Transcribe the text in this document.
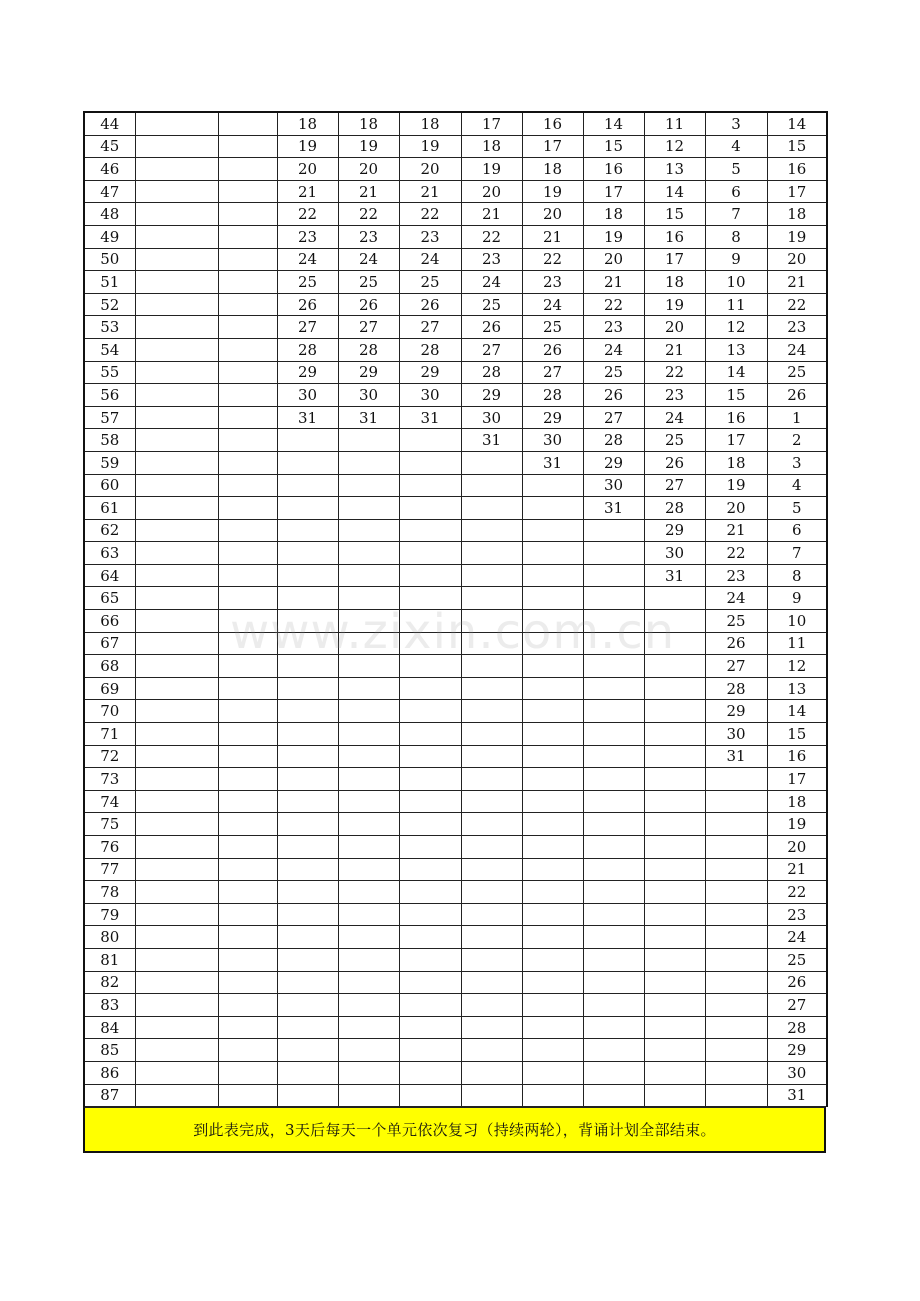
44			18	18	18	17	16	14	11	3	14
45			19	19	19	18	17	15	12	4	15
46			20	20	20	19	18	16	13	5	16
47			21	21	21	20	19	17	14	6	17
48			22	22	22	21	20	18	15	7	18
49			23	23	23	22	21	19	16	8	19
50			24	24	24	23	22	20	17	9	20
51			25	25	25	24	23	21	18	10	21
52			26	26	26	25	24	22	19	11	22
53			27	27	27	26	25	23	20	12	23
54			28	28	28	27	26	24	21	13	24
55			29	29	29	28	27	25	22	14	25
56			30	30	30	29	28	26	23	15	26
57			31	31	31	30	29	27	24	16	1
58						31	30	28	25	17	2
59							31	29	26	18	3
60								30	27	19	4
61								31	28	20	5
62									29	21	6
63									30	22	7
64									31	23	8
65										24	9
66										25	10
67										26	11
68										27	12
69										28	13
70										29	14
71										30	15
72										31	16
73											17
74											18
75											19
76											20
77											21
78											22
79											23
80											24
81											25
82											26
83											27
84											28
85											29
86											30
87											31
到此表完成，3天后每天一个单元依次复习（持续两轮），背诵计划全部结束。
www.zixin.com.cn
